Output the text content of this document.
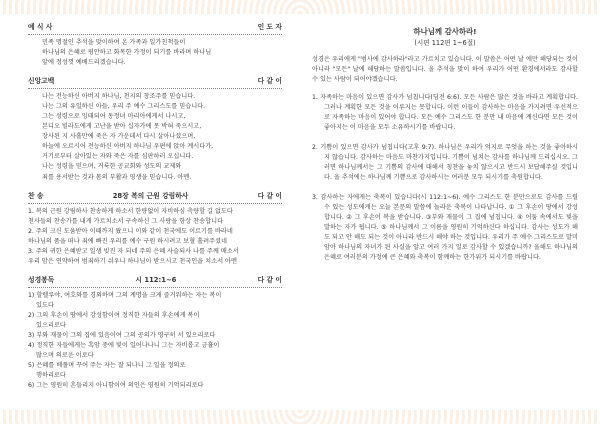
예 식 사	인 도 자

민족 명절인 추석을 맞이하여 온 가족과 일가친척들이

하나님의 은혜로 평안하고 화목한 가정이 되기를 바라며 하나님

앞에 정성껏 예배드리겠습니다.

신앙고백	다 같 이

나는 전능하신 아버지 하나님, 천지의 창조주를 믿습니다.

나는 그의 유일하신 아들, 우리 주 예수 그리스도를 믿습니다.

그는 성령으로 잉태되어 동정녀 마리아에게서 나시고,

본디오 빌라도에게 고난을 받아 십자가에 못 박혀 죽으시고,

장사된 지 사흘만에 죽은 자 가운데서 다시 살아나셨으며,

하늘에 오르시어 전능하신 아버지 하나님 우편에 앉아 계시다가,

거기로부터 살아있는 자와 죽은 자를 심판하러 오십니다.

나는 성령을 믿으며, 거룩한 공교회와 성도의 교제와

죄를 용서받는 것과 몸의 부활과 영생을 믿습니다. 아멘.

찬 송	28장 복의 근원 강림하사	다 같 이

1. 복의 근원 강림하사 찬송하게 하소서 한량없이 자비하심 측량할 길 없도다

천사들의 찬송가를 내게 가르치소서 구속하신 그 사랑을 항상 찬송합니다

2. 주의 크신 도움받아 이때까지 왔으니 이와 같이 천국에도 이르기를 바라네

하나님의 품을 떠나 죄에 빠진 우리를 예수 구원 하시려고 보혈 흘려주셨네

3. 주의 귀한 은혜받고 일생 빚진 자 되네 주의 은혜 사슬되사 나를 주께 매소서

우리 맘은 연약하여 범죄하기 쉬우니 하나님이 받으시고 천국인을 치소서 아멘

성경봉독	시 112:1~6	다 같 이

1) 할렐루야, 여호와를 경외하며 그의 계명을 크게 즐거워하는 자는 복이

있도다

2) 그의 후손이 땅에서 강성함이여 정직한 자들의 후손에게 복이

있으리로다

3) 부와 재물이 그의 집에 있음이여 그의 공의가 영구히 서 있으리로다

4) 정직한 자들에게는 흑암 중에 빛이 일어나나니 그는 자비롭고 긍휼이

많으며 의로운 이로다

5) 은혜를 베풀며 꾸어 주는 자는 잘 되나니 그 일을 정의로

행하리로다

6) 그는 영원히 흔들리지 아니함이여 의인은 영원히 기억되리로다

하나님께 감사하라!
(시편 112편 1~6절)

성경은 우리에게 "범사에 감사하라"라고 가르치고 있습니다. 이 말씀은 어떤 날 에만 해당되는 것이 아니라 "모든" 날에 해당하는 말씀입니다. 올 추석을 맞이 하여 우리가 어떤 환경에서라도 감사할 수 있는 사람이 되어야겠습니다.

1. 자족하는 마음이 있으면 감사가 넘칩니다(딤전 6:6). 모든 사람은 많은 것을 바라고 계획합니다. 그러나 계획한 모든 것을 이루지는 못합니다. 이런 이들이 감사하는 마음을 가지려면 우선적으로 자족하는 마음이 있어야 합니다. 모든 예수 그리스도 한 분만 내 마음에 계신다면 모든 것이 좋아지는 이 마음을 모두 소유하시기를 바랍니다.

2. 기쁨이 있으면 감사가 넘칩니다(고후 9:7). 하나님은 우리가 억지로 무엇을 하는 것을 좋아하시지 않습니다. 감사하는 마음도 마찬가지입니다. 기쁨이 넘치는 감사를 하나님께 드리십시오. 그러면 하나님께서는 그 기쁨의 감사에 대해서 칭찬을 놓치 않으시고 반드시 보답해주실 것입니다. 올 추석에는 하나님께 기쁨으로 감사하시는 여러분 모두 되시기를 축원합니다.

3. 감사하는 자에게는 축복이 있습니다(시 112:1~6). 예수 그리스도 한 분만으로도 감사를 드릴 수 있는 성도에게는 오늘 본문의 말씀에 놀라운 축복이 나타납니다. ① 그 후손이 땅에서 강성합니다. ② 그 후손이 복을 받습니다. ③부와 재물이 그 집에 넘칩니다. ④ 어둠 속에서도 빛을 발하는 자가 됩니다. ⑤ 하나님께서 그 이름을 영원히 기억하신다 하십니다. 감사는 성도가 해도 되고 안 해도 되는 것이 아니라 반드시 해야 하는 것입니다. 우리가 주 예수 그리스도로 말미암아 하나님의 자녀가 된 사실을 알고 여러 가지 일로 감사할 수 있겠습니까? 올해도 하나님의 은혜로 여러분의 가정에 큰 은혜와 축복이 함께하는 한가위가 되시기를 바랍니다.
